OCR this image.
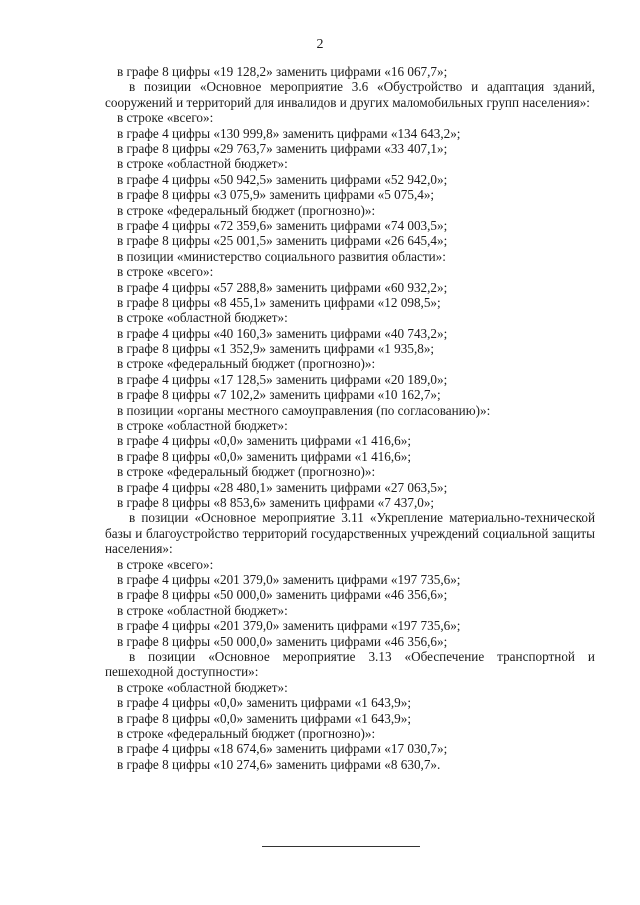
2
в графе 8 цифры «19 128,2» заменить цифрами «16 067,7»;
в позиции «Основное мероприятие 3.6 «Обустройство и адаптация зданий, сооружений и территорий для инвалидов и других маломобильных групп населения»:
в строке «всего»:
в графе 4 цифры «130 999,8» заменить цифрами «134 643,2»;
в графе 8 цифры «29 763,7» заменить цифрами «33 407,1»;
в строке «областной бюджет»:
в графе 4 цифры «50 942,5» заменить цифрами «52 942,0»;
в графе 8 цифры «3 075,9» заменить цифрами «5 075,4»;
в строке «федеральный бюджет (прогнозно)»:
в графе 4 цифры «72 359,6» заменить цифрами «74 003,5»;
в графе 8 цифры «25 001,5» заменить цифрами «26 645,4»;
в позиции «министерство социального развития области»:
в строке «всего»:
в графе 4 цифры «57 288,8» заменить цифрами «60 932,2»;
в графе 8 цифры «8 455,1» заменить цифрами «12 098,5»;
в строке «областной бюджет»:
в графе 4 цифры «40 160,3» заменить цифрами «40 743,2»;
в графе 8 цифры «1 352,9» заменить цифрами «1 935,8»;
в строке «федеральный бюджет (прогнозно)»:
в графе 4 цифры «17 128,5» заменить цифрами «20 189,0»;
в графе 8 цифры «7 102,2» заменить цифрами «10 162,7»;
в позиции «органы местного самоуправления (по согласованию)»:
в строке «областной бюджет»:
в графе 4 цифры «0,0» заменить цифрами «1 416,6»;
в графе 8 цифры «0,0» заменить цифрами «1 416,6»;
в строке «федеральный бюджет (прогнозно)»:
в графе 4 цифры «28 480,1» заменить цифрами «27 063,5»;
в графе 8 цифры «8 853,6» заменить цифрами «7 437,0»;
в позиции «Основное мероприятие 3.11 «Укрепление материально-технической базы и благоустройство территорий государственных учреждений социальной защиты населения»:
в строке «всего»:
в графе 4 цифры «201 379,0» заменить цифрами «197 735,6»;
в графе 8 цифры «50 000,0» заменить цифрами «46 356,6»;
в строке «областной бюджет»:
в графе 4 цифры «201 379,0» заменить цифрами «197 735,6»;
в графе 8 цифры «50 000,0» заменить цифрами «46 356,6»;
в позиции «Основное мероприятие 3.13 «Обеспечение транспортной и пешеходной доступности»:
в строке «областной бюджет»:
в графе 4 цифры «0,0» заменить цифрами «1 643,9»;
в графе 8 цифры «0,0» заменить цифрами «1 643,9»;
в строке «федеральный бюджет (прогнозно)»:
в графе 4 цифры «18 674,6» заменить цифрами «17 030,7»;
в графе 8 цифры «10 274,6» заменить цифрами «8 630,7».
